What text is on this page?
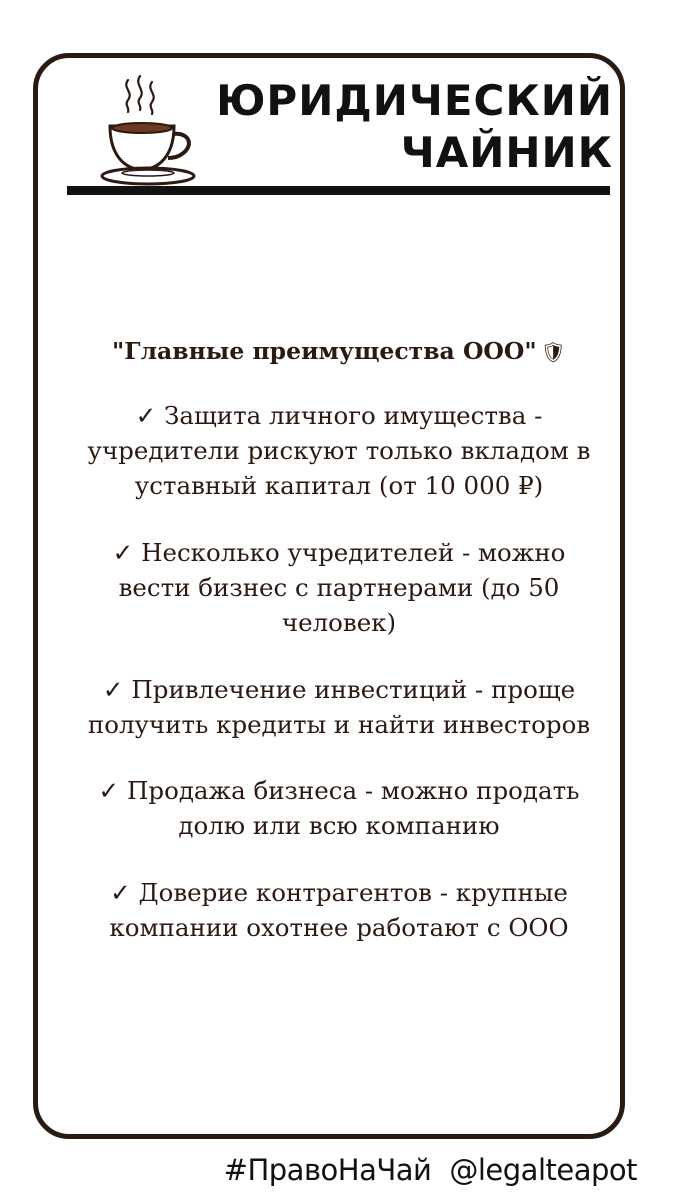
ЮРИДИЧЕСКИЙ
ЧАЙНИК
"Главные преимущества ООО" 🛡
✓ Защита личного имущества -
учредители рискуют только вкладом в
уставный капитал (от 10 000 ₽)
✓ Несколько учредителей - можно
вести бизнес с партнерами (до 50
человек)
✓ Привлечение инвестиций - проще
получить кредиты и найти инвесторов
✓ Продажа бизнеса - можно продать
долю или всю компанию
✓ Доверие контрагентов - крупные
компании охотнее работают с ООО
#ПравоНаЧай @legalteapot
